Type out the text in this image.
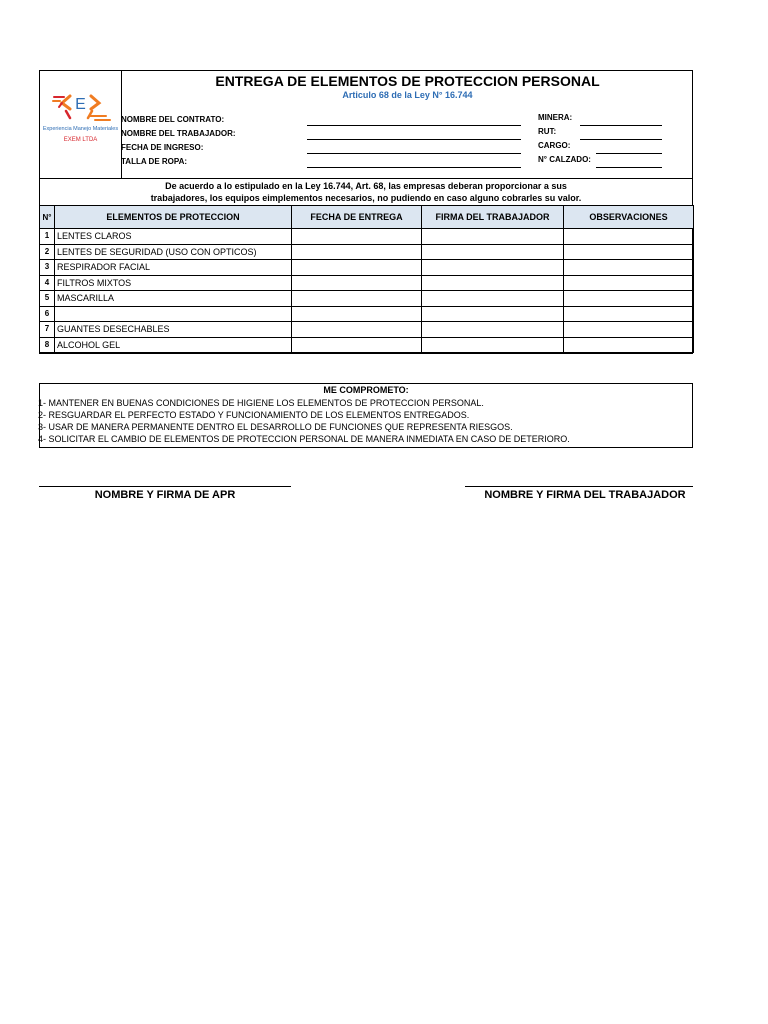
E
Experiencia Manejo Materiales
EXEM LTDA
ENTREGA DE ELEMENTOS DE PROTECCION PERSONAL
Articulo 68 de la Ley N° 16.744
NOMBRE DEL CONTRATO:
NOMBRE DEL TRABAJADOR:
FECHA DE INGRESO:
TALLA DE ROPA:
MINERA:
RUT:
CARGO:
N° CALZADO:
De acuerdo a lo estipulado en la Ley 16.744, Art. 68, las empresas deberan proporcionar a sus
trabajadores, los equipos eimplementos necesarios, no pudiendo en caso alguno cobrarles su valor.
N°	ELEMENTOS DE PROTECCION	FECHA DE ENTREGA	FIRMA DEL TRABAJADOR	OBSERVACIONES
1	LENTES CLAROS			
2	LENTES DE SEGURIDAD (USO CON OPTICOS)			
3	RESPIRADOR FACIAL			
4	FILTROS MIXTOS			
5	MASCARILLA			
6				
7	GUANTES DESECHABLES			
8	ALCOHOL GEL			
ME COMPROMETO:
1- MANTENER EN BUENAS CONDICIONES DE HIGIENE LOS ELEMENTOS DE PROTECCION PERSONAL.
2- RESGUARDAR EL PERFECTO ESTADO Y FUNCIONAMIENTO DE LOS ELEMENTOS ENTREGADOS.
3- USAR DE MANERA PERMANENTE DENTRO EL DESARROLLO DE FUNCIONES QUE REPRESENTA RIESGOS.
4- SOLICITAR EL CAMBIO DE ELEMENTOS DE PROTECCION PERSONAL DE MANERA INMEDIATA EN CASO DE DETERIORO.
NOMBRE Y FIRMA DE APR	NOMBRE Y FIRMA DEL TRABAJADOR
